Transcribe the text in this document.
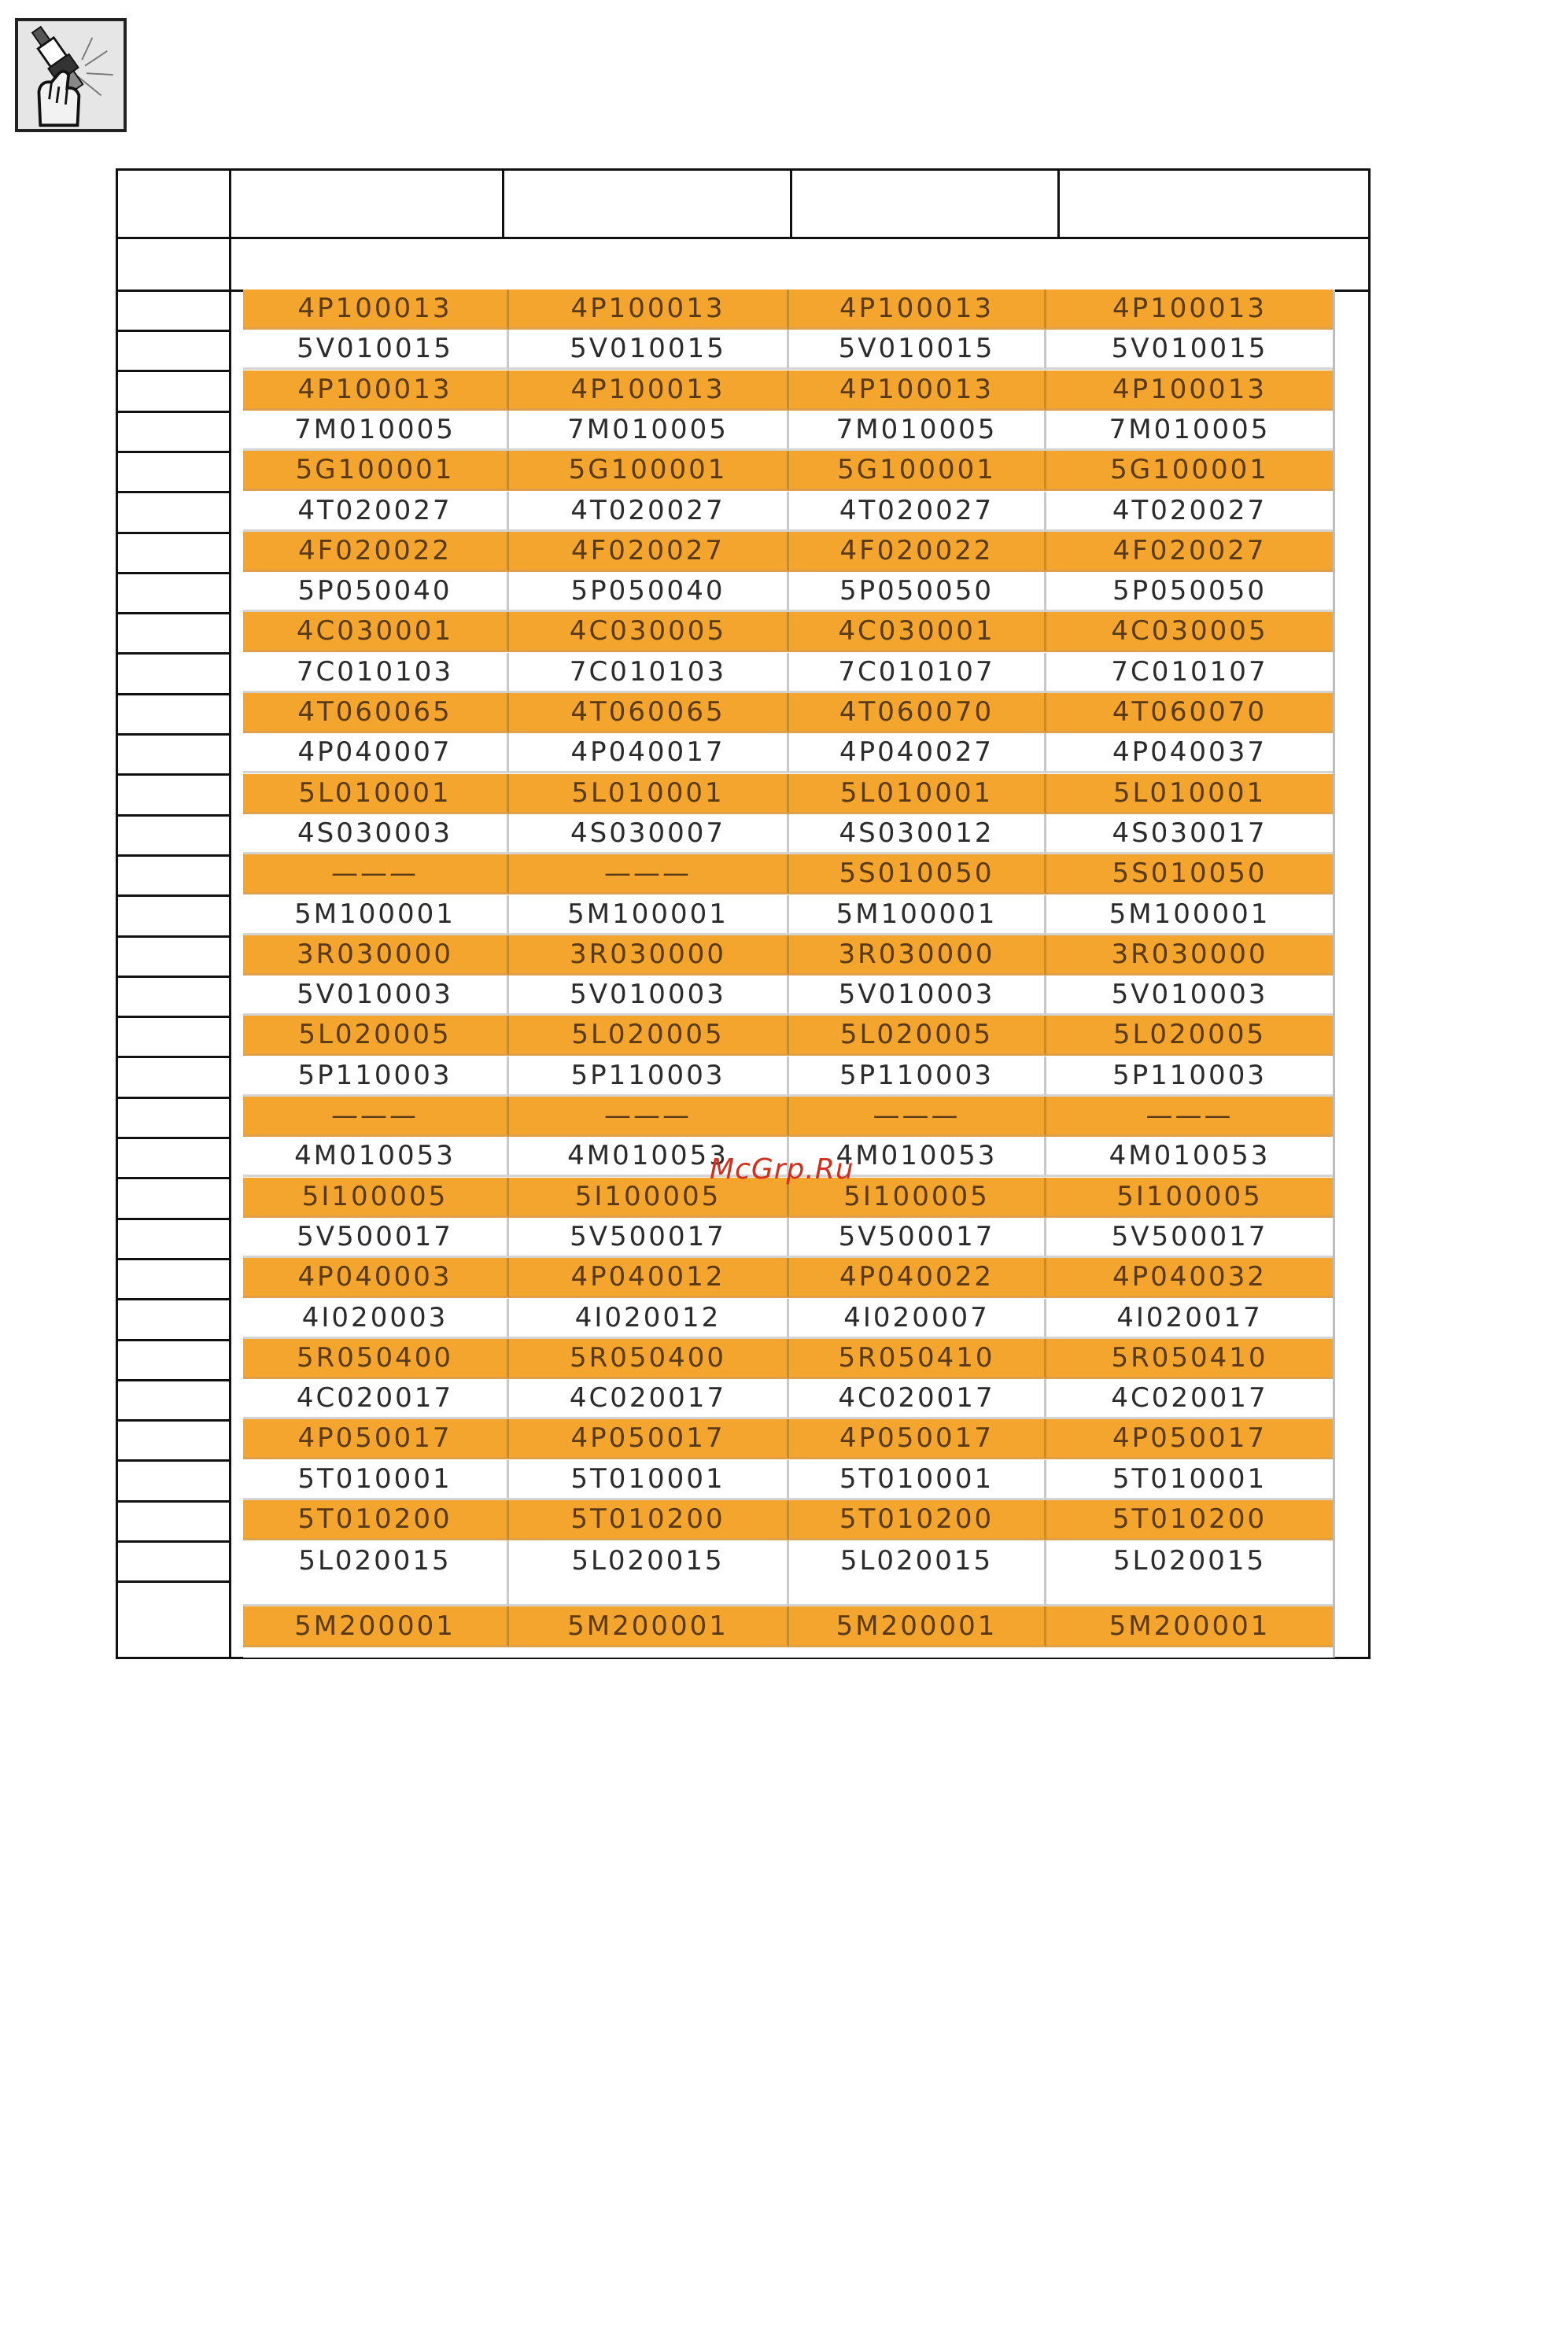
4P100013	4P100013	4P100013	4P100013
5V010015	5V010015	5V010015	5V010015
4P100013	4P100013	4P100013	4P100013
7M010005	7M010005	7M010005	7M010005
5G100001	5G100001	5G100001	5G100001
4T020027	4T020027	4T020027	4T020027
4F020022	4F020027	4F020022	4F020027
5P050040	5P050040	5P050050	5P050050
4C030001	4C030005	4C030001	4C030005
7C010103	7C010103	7C010107	7C010107
4T060065	4T060065	4T060070	4T060070
4P040007	4P040017	4P040027	4P040037
5L010001	5L010001	5L010001	5L010001
4S030003	4S030007	4S030012	4S030017
———	———	5S010050	5S010050
5M100001	5M100001	5M100001	5M100001
3R030000	3R030000	3R030000	3R030000
5V010003	5V010003	5V010003	5V010003
5L020005	5L020005	5L020005	5L020005
5P110003	5P110003	5P110003	5P110003
———	———	———	———
4M010053	4M010053	4M010053	4M010053
5I100005	5I100005	5I100005	5I100005
5V500017	5V500017	5V500017	5V500017
4P040003	4P040012	4P040022	4P040032
4I020003	4I020012	4I020007	4I020017
5R050400	5R050400	5R050410	5R050410
4C020017	4C020017	4C020017	4C020017
4P050017	4P050017	4P050017	4P050017
5T010001	5T010001	5T010001	5T010001
5T010200	5T010200	5T010200	5T010200
5L020015	5L020015	5L020015	5L020015
5M200001	5M200001	5M200001	5M200001
McGrp.Ru
